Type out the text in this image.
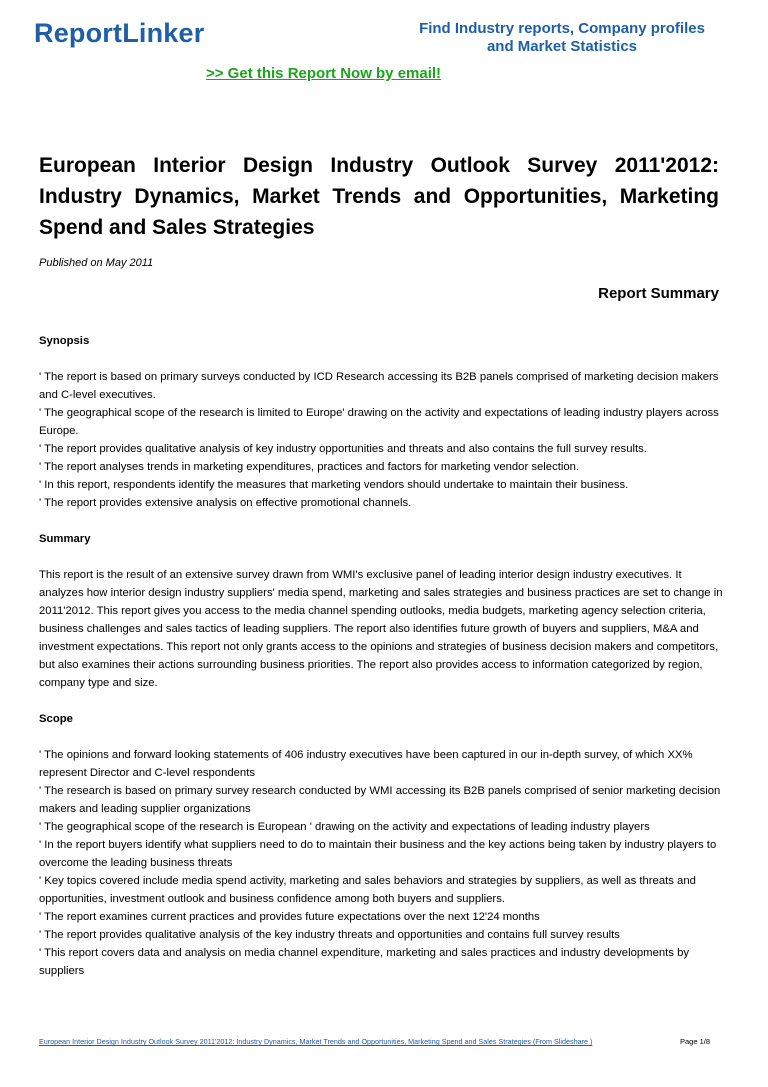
ReportLinker	Find Industry reports, Company profiles
and Market Statistics
>> Get this Report Now by email!
European Interior Design Industry Outlook Survey 2011'2012: Industry Dynamics, Market Trends and Opportunities, Marketing Spend and Sales Strategies
Published on May 2011
Report Summary
Synopsis

' The report is based on primary surveys conducted by ICD Research accessing its B2B panels comprised of marketing decision makers and C-level executives.

' The geographical scope of the research is limited to Europe' drawing on the activity and expectations of leading industry players across Europe.

' The report provides qualitative analysis of key industry opportunities and threats and also contains the full survey results.

' The report analyses trends in marketing expenditures, practices and factors for marketing vendor selection.

' In this report, respondents identify the measures that marketing vendors should undertake to maintain their business.

' The report provides extensive analysis on effective promotional channels.

Summary

This report is the result of an extensive survey drawn from WMI's exclusive panel of leading interior design industry executives. It analyzes how interior design industry suppliers' media spend, marketing and sales strategies and business practices are set to change in 2011'2012. This report gives you access to the media channel spending outlooks, media budgets, marketing agency selection criteria, business challenges and sales tactics of leading suppliers. The report also identifies future growth of buyers and suppliers, M&A and investment expectations. This report not only grants access to the opinions and strategies of business decision makers and competitors, but also examines their actions surrounding business priorities. The report also provides access to information categorized by region, company type and size.

Scope

' The opinions and forward looking statements of 406 industry executives have been captured in our in-depth survey, of which XX% represent Director and C-level respondents

' The research is based on primary survey research conducted by WMI accessing its B2B panels comprised of senior marketing decision makers and leading supplier organizations

' The geographical scope of the research is European ' drawing on the activity and expectations of leading industry players

' In the report buyers identify what suppliers need to do to maintain their business and the key actions being taken by industry players to overcome the leading business threats

' Key topics covered include media spend activity, marketing and sales behaviors and strategies by suppliers, as well as threats and opportunities, investment outlook and business confidence among both buyers and suppliers.

' The report examines current practices and provides future expectations over the next 12'24 months

' The report provides qualitative analysis of the key industry threats and opportunities and contains full survey results

' This report covers data and analysis on media channel expenditure, marketing and sales practices and industry developments by suppliers

European Interior Design Industry Outlook Survey 2011'2012: Industry Dynamics, Market Trends and Opportunities, Marketing Spend and Sales Strategies (From Slideshare )	Page 1/8
